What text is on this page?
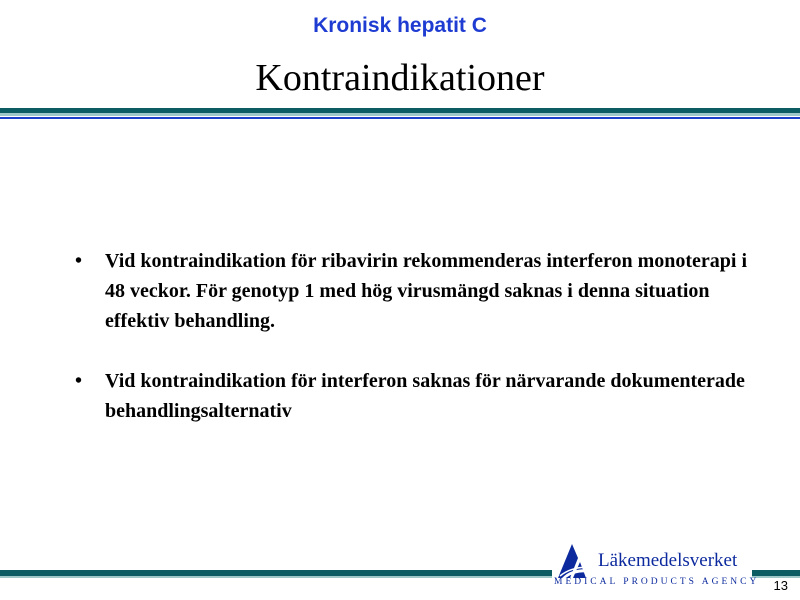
Kronisk hepatit C
Kontraindikationer
• Vid kontraindikation för ribavirin rekommenderas interferon monoterapi i 48 veckor. För genotyp 1 med hög virusmängd saknas i denna situation effektiv behandling.
• Vid kontraindikation för interferon saknas för närvarande dokumenterade behandlingsalternativ
Läkemedelsverket
MEDICAL PRODUCTS AGENCY 13
